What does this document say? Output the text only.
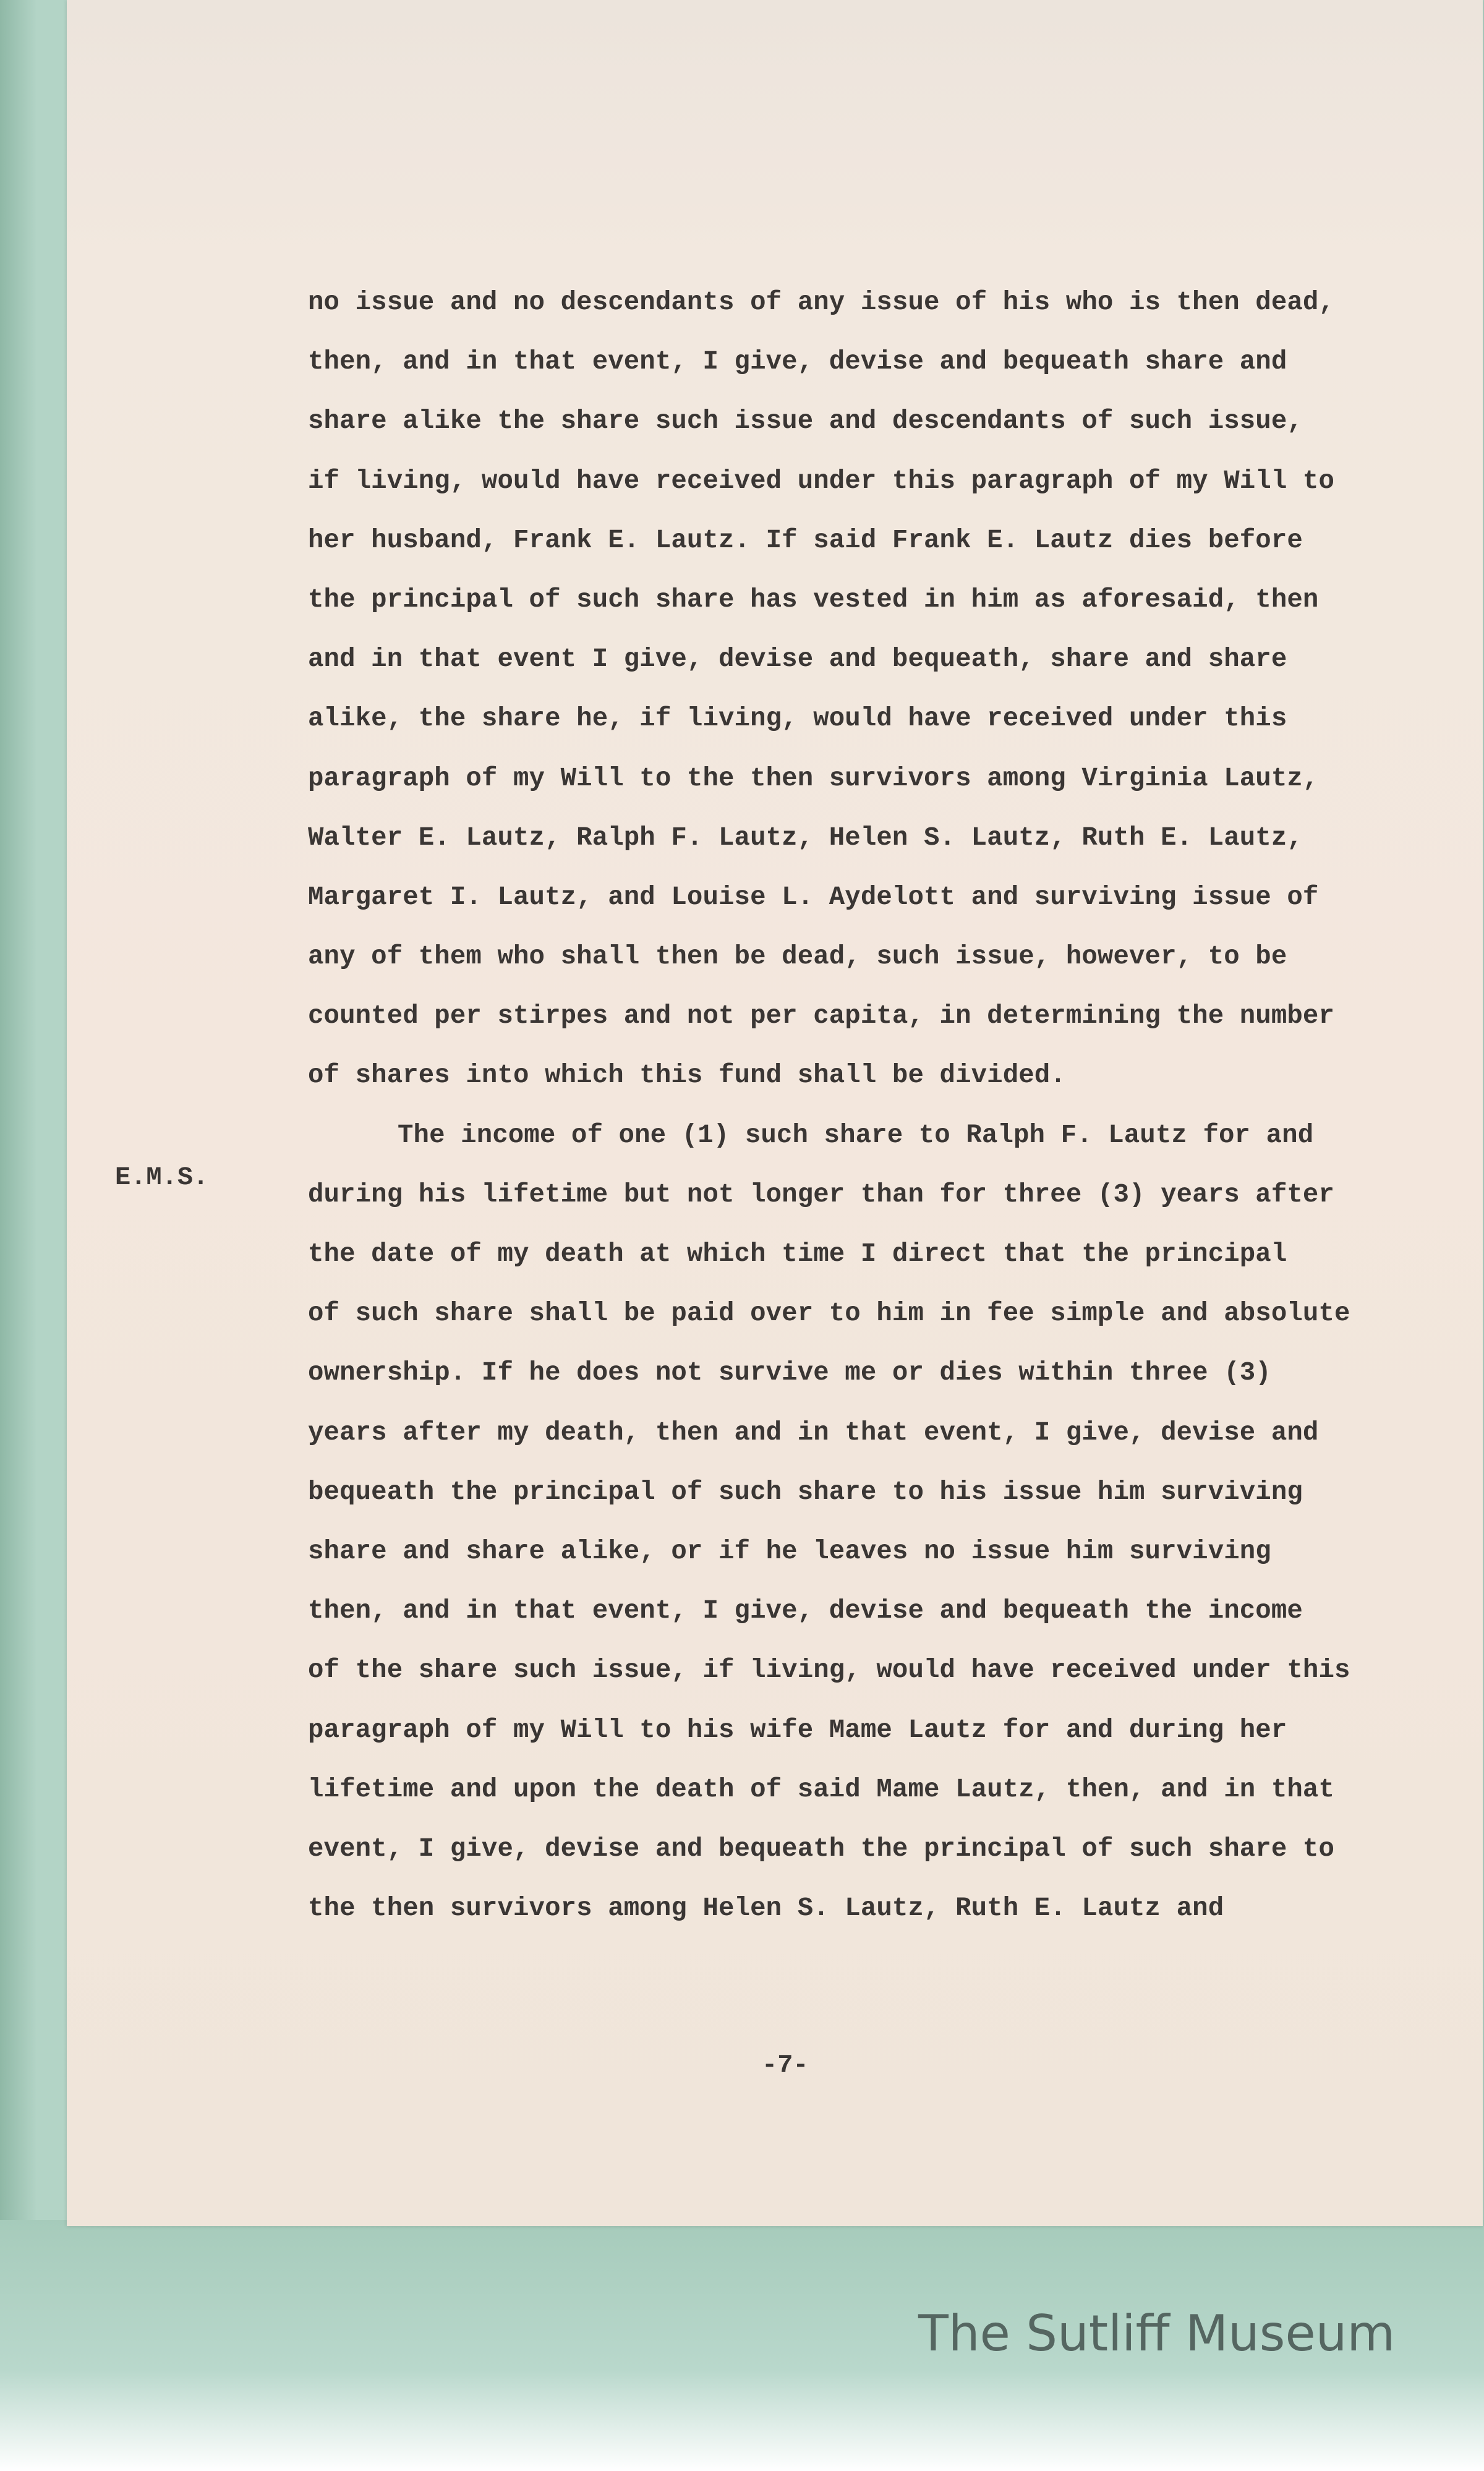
no issue and no descendants of any issue of his who is then dead,
then, and in that event, I give, devise and bequeath share and
share alike the share such issue and descendants of such issue,
if living, would have received under this paragraph of my Will to
her husband, Frank E. Lautz. If said Frank E. Lautz dies before
the principal of such share has vested in him as aforesaid, then
and in that event I give, devise and bequeath, share and share
alike, the share he, if living, would have received under this
paragraph of my Will to the then survivors among Virginia Lautz,
Walter E. Lautz, Ralph F. Lautz, Helen S. Lautz, Ruth E. Lautz,
Margaret I. Lautz, and Louise L. Aydelott and surviving issue of
any of them who shall then be dead, such issue, however, to be
counted per stirpes and not per capita, in determining the number
of shares into which this fund shall be divided.
The income of one (1) such share to Ralph F. Lautz for and
during his lifetime but not longer than for three (3) years after
the date of my death at which time I direct that the principal
of such share shall be paid over to him in fee simple and absolute
ownership. If he does not survive me or dies within three (3)
years after my death, then and in that event, I give, devise and
bequeath the principal of such share to his issue him surviving
share and share alike, or if he leaves no issue him surviving
then, and in that event, I give, devise and bequeath the income
of the share such issue, if living, would have received under this
paragraph of my Will to his wife Mame Lautz for and during her
lifetime and upon the death of said Mame Lautz, then, and in that
event, I give, devise and bequeath the principal of such share to
the then survivors among Helen S. Lautz, Ruth E. Lautz and
E.M.S.
-7-
The Sutliff Museum
